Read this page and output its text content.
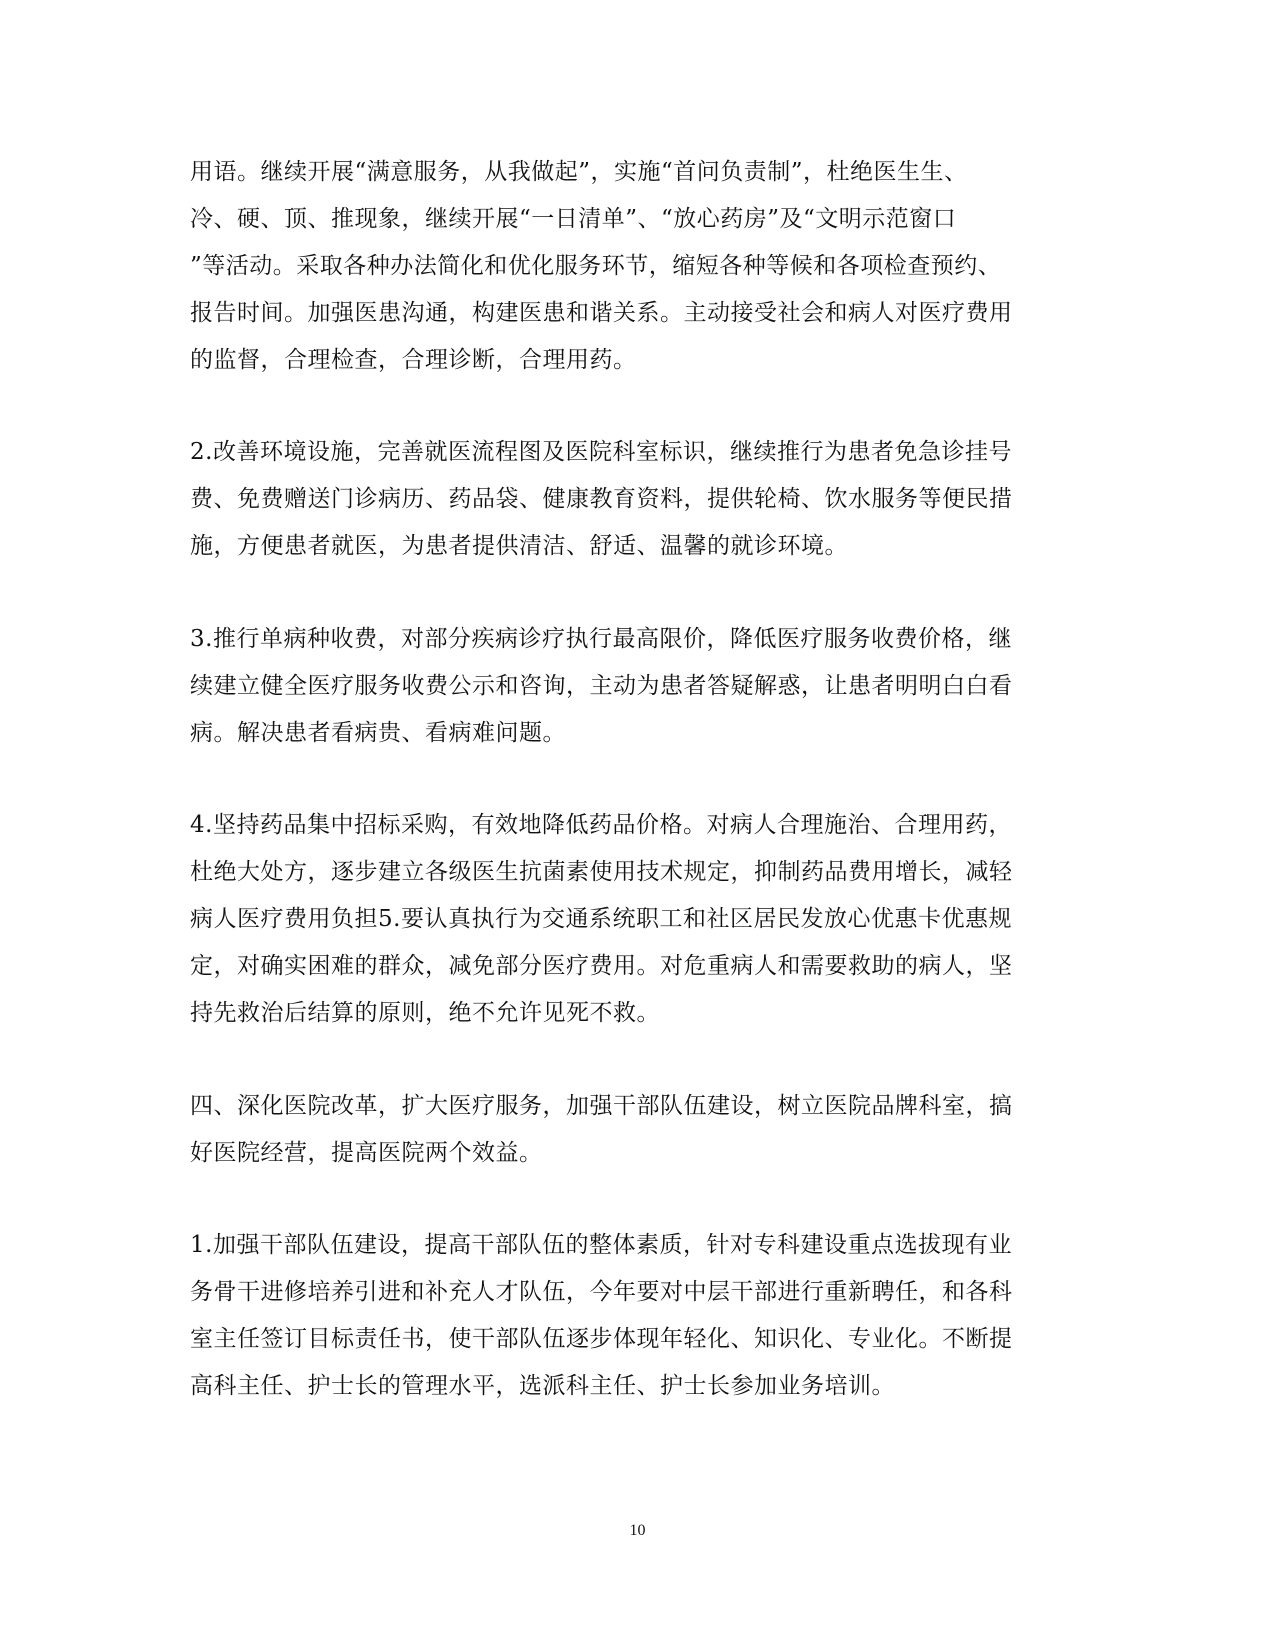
用语。继续开展“满意服务，从我做起”，实施“首问负责制”，杜绝医生生、
冷、硬、顶、推现象，继续开展“一日清单”、“放心药房”及“文明示范窗口
”等活动。采取各种办法简化和优化服务环节，缩短各种等候和各项检查预约、
报告时间。加强医患沟通，构建医患和谐关系。主动接受社会和病人对医疗费用
的监督，合理检查，合理诊断，合理用药。
2.改善环境设施，完善就医流程图及医院科室标识，继续推行为患者免急诊挂号
费、免费赠送门诊病历、药品袋、健康教育资料，提供轮椅、饮水服务等便民措
施，方便患者就医，为患者提供清洁、舒适、温馨的就诊环境。
3.推行单病种收费，对部分疾病诊疗执行最高限价，降低医疗服务收费价格，继
续建立健全医疗服务收费公示和咨询，主动为患者答疑解惑，让患者明明白白看
病。解决患者看病贵、看病难问题。
4.坚持药品集中招标采购，有效地降低药品价格。对病人合理施治、合理用药，
杜绝大处方，逐步建立各级医生抗菌素使用技术规定，抑制药品费用增长，减轻
病人医疗费用负担5.要认真执行为交通系统职工和社区居民发放心优惠卡优惠规
定，对确实困难的群众，减免部分医疗费用。对危重病人和需要救助的病人，坚
持先救治后结算的原则，绝不允许见死不救。
四、深化医院改革，扩大医疗服务，加强干部队伍建设，树立医院品牌科室，搞
好医院经营，提高医院两个效益。
1.加强干部队伍建设，提高干部队伍的整体素质，针对专科建设重点选拔现有业
务骨干进修培养引进和补充人才队伍，今年要对中层干部进行重新聘任，和各科
室主任签订目标责任书，使干部队伍逐步体现年轻化、知识化、专业化。不断提
高科主任、护士长的管理水平，选派科主任、护士长参加业务培训。
10
